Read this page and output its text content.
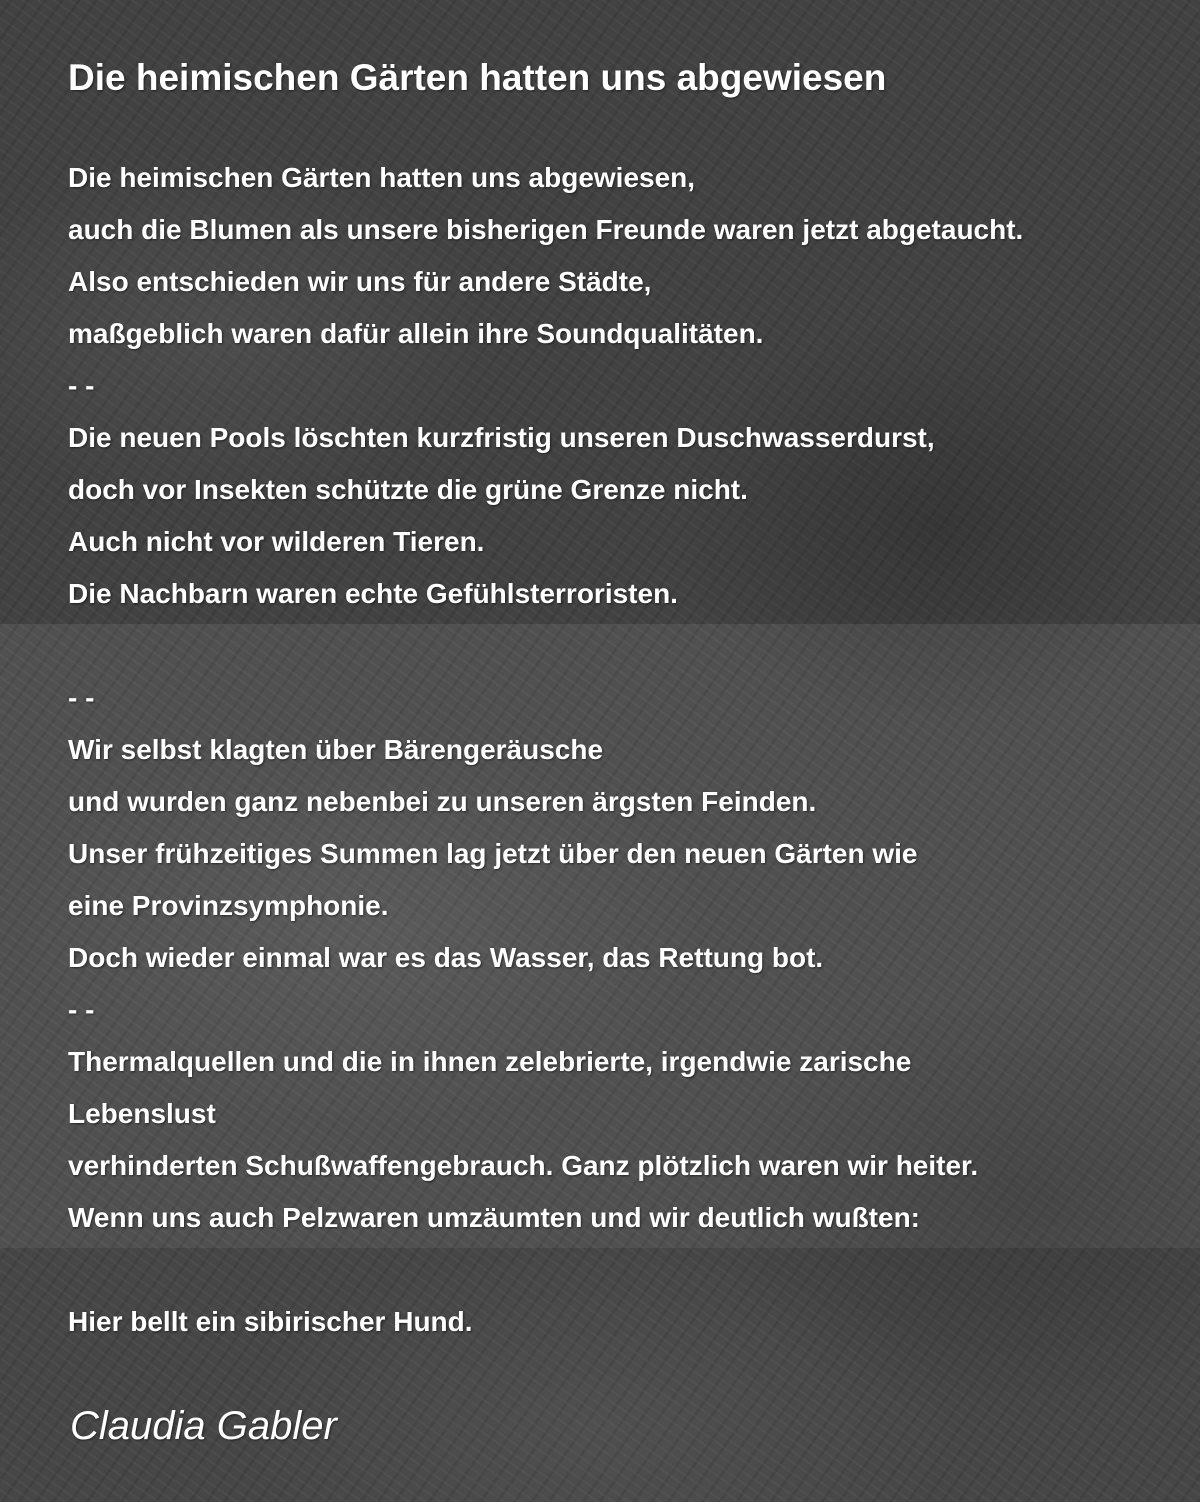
Die heimischen Gärten hatten uns abgewiesen
Die heimischen Gärten hatten uns abgewiesen,
auch die Blumen als unsere bisherigen Freunde waren jetzt abgetaucht.
Also entschieden wir uns für andere Städte,
maßgeblich waren dafür allein ihre Soundqualitäten.
- -
Die neuen Pools löschten kurzfristig unseren Duschwasserdurst,
doch vor Insekten schützte die grüne Grenze nicht.
Auch nicht vor wilderen Tieren.
Die Nachbarn waren echte Gefühlsterroristen.
- -
Wir selbst klagten über Bärengeräusche
und wurden ganz nebenbei zu unseren ärgsten Feinden.
Unser frühzeitiges Summen lag jetzt über den neuen Gärten wie
eine Provinzsymphonie.
Doch wieder einmal war es das Wasser, das Rettung bot.
- -
Thermalquellen und die in ihnen zelebrierte, irgendwie zarische
Lebenslust
verhinderten Schußwaffengebrauch. Ganz plötzlich waren wir heiter.
Wenn uns auch Pelzwaren umzäumten und wir deutlich wußten:
Hier bellt ein sibirischer Hund.

Claudia Gabler
